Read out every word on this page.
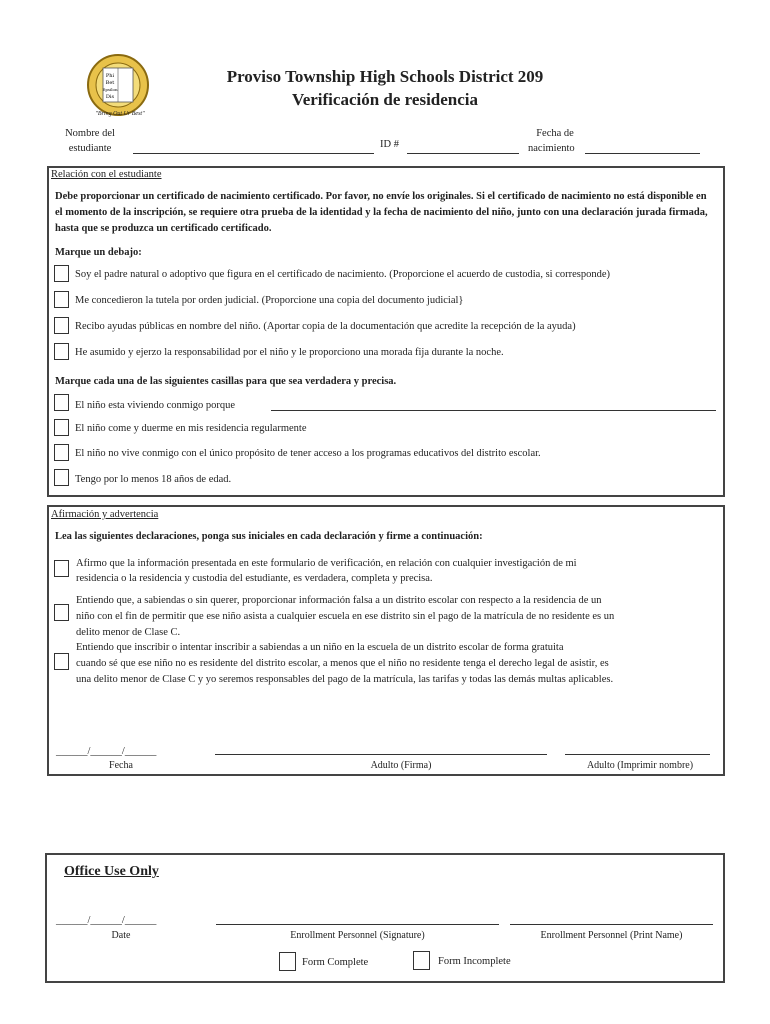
Phi
Bet
Epsilon
Dis
"Bring Out Ur Best"
Proviso Township High Schools District 209
Verificación de residencia
Nombre del
estudiante	ID #
Fecha de
nacimiento
Relación con el estudiante
Debe proporcionar un certificado de nacimiento certificado. Por favor, no envíe los originales. Si el certificado de nacimiento no está disponible en el momento de la inscripción, se requiere otra prueba de la identidad y la fecha de nacimiento del niño, junto con una declaración jurada firmada, hasta que se produzca un certificado certificado.
Marque un debajo:
Soy el padre natural o adoptivo que figura en el certificado de nacimiento. (Proporcione el acuerdo de custodia, si corresponde)
Me concedieron la tutela por orden judicial. (Proporcione una copia del documento judicial}
Recibo ayudas públicas en nombre del niño. (Aportar copia de la documentación que acredite la recepción de la ayuda)
He asumido y ejerzo la responsabilidad por el niño y le proporciono una morada fija durante la noche.
Marque cada una de las siguientes casillas para que sea verdadera y precisa.
El niño esta viviendo conmigo porque
El niño come y duerme en mis residencia regularmente
El niño no vive conmigo con el único propósito de tener acceso a los programas educativos del distrito escolar.
Tengo por lo menos 18 años de edad.
Afirmación y advertencia
Lea las siguientes declaraciones, ponga sus iniciales en cada declaración y firme a continuación:
Afirmo que la información presentada en este formulario de verificación, en relación con cualquier investigación de mi
residencia o la residencia y custodia del estudiante, es verdadera, completa y precisa.
Entiendo que, a sabiendas o sin querer, proporcionar información falsa a un distrito escolar con respecto a la residencia de un
niño con el fin de permitir que ese niño asista a cualquier escuela en ese distrito sin el pago de la matrícula de no residente es un
delito menor de Clase C.
Entiendo que inscribir o intentar inscribir a sabiendas a un niño en la escuela de un distrito escolar de forma gratuita
cuando sé que ese niño no es residente del distrito escolar, a menos que el niño no residente tenga el derecho legal de asistir, es
una delito menor de Clase C y yo seremos responsables del pago de la matrícula, las tarifas y todas las demás multas aplicables.
______/______/______
Fecha	Adulto (Firma)	Adulto (Imprimir nombre)
Office Use Only
______/______/______
Date	Enrollment Personnel (Signature)	Enrollment Personnel (Print Name)
Form Complete	Form Incomplete
